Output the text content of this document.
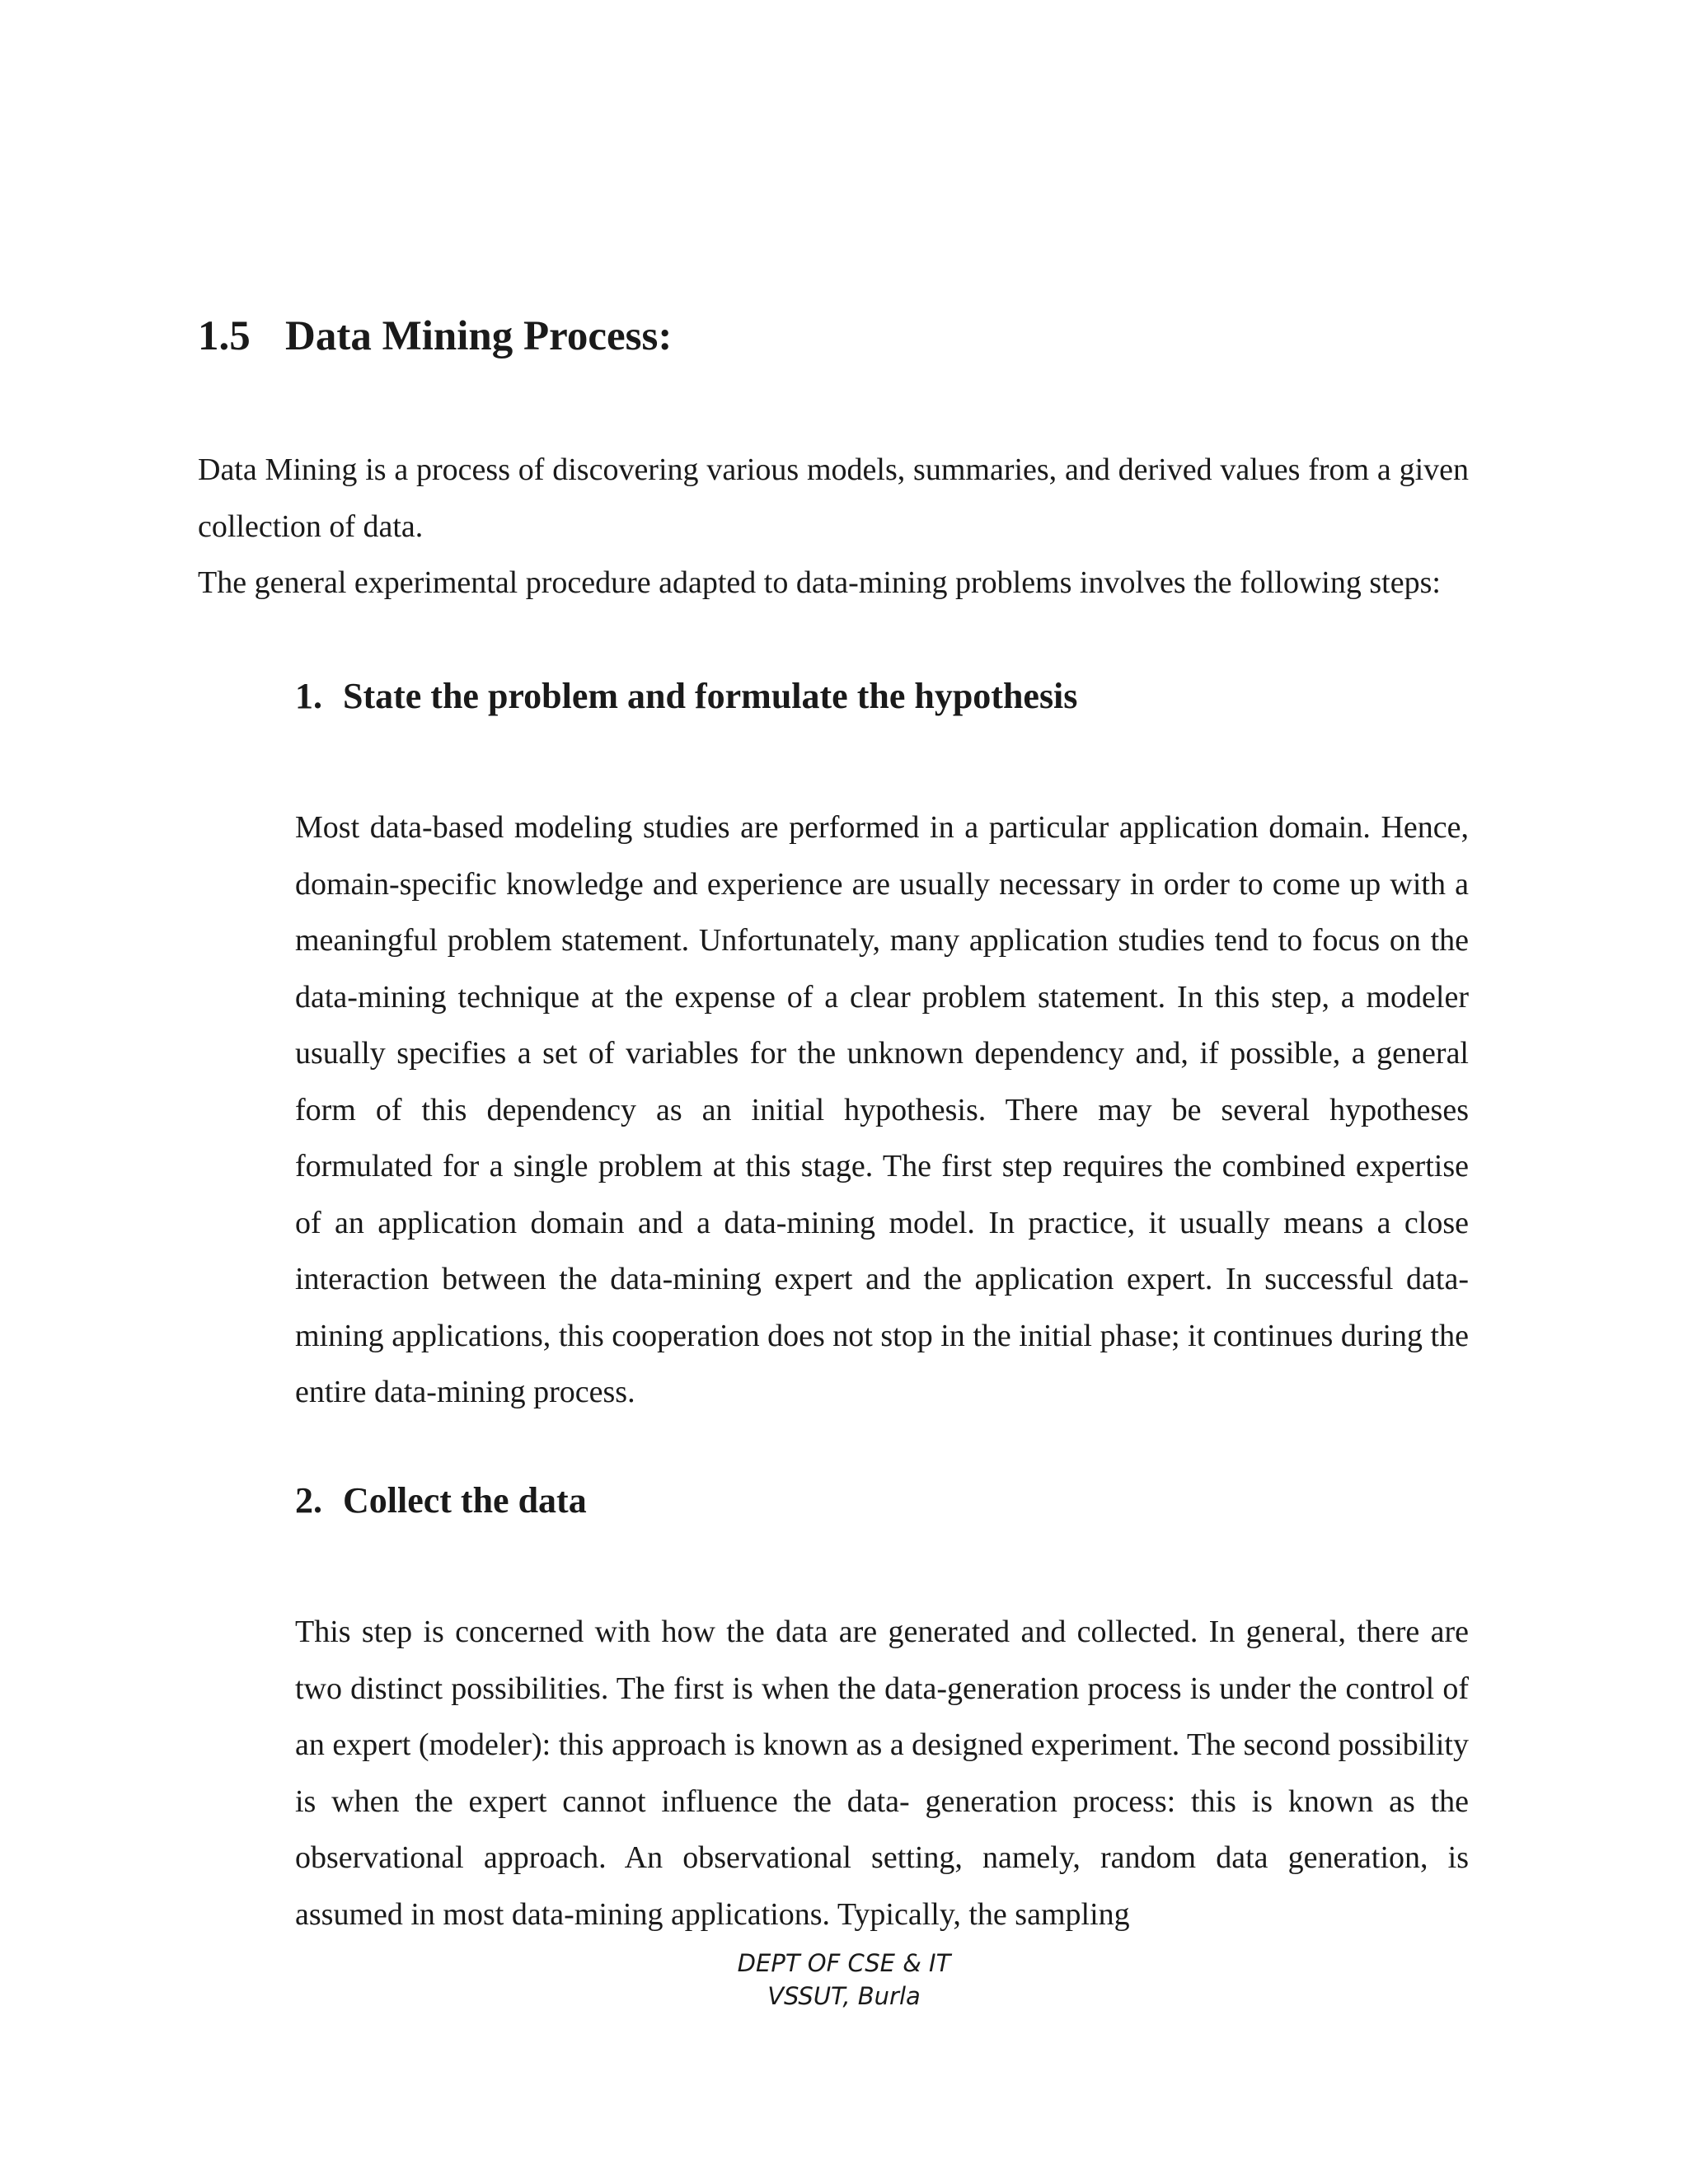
1.5 Data Mining Process:

Data Mining is a process of discovering various models, summaries, and derived values from a given collection of data.

The general experimental procedure adapted to data-mining problems involves the following steps:

1. State the problem and formulate the hypothesis

Most data-based modeling studies are performed in a particular application domain. Hence, domain-specific knowledge and experience are usually necessary in order to come up with a meaningful problem statement. Unfortunately, many application studies tend to focus on the data-mining technique at the expense of a clear problem statement. In this step, a modeler usually specifies a set of variables for the unknown dependency and, if possible, a general form of this dependency as an initial hypothesis. There may be several hypotheses formulated for a single problem at this stage. The first step requires the combined expertise of an application domain and a data-mining model. In practice, it usually means a close interaction between the data-mining expert and the application expert. In successful data-mining applications, this cooperation does not stop in the initial phase; it continues during the entire data-mining process.

2. Collect the data

This step is concerned with how the data are generated and collected. In general, there are two distinct possibilities. The first is when the data-generation process is under the control of an expert (modeler): this approach is known as a designed experiment. The second possibility is when the expert cannot influence the data- generation process: this is known as the observational approach. An observational setting, namely, random data generation, is assumed in most data-mining applications. Typically, the sampling

DEPT OF CSE & IT
VSSUT, Burla
